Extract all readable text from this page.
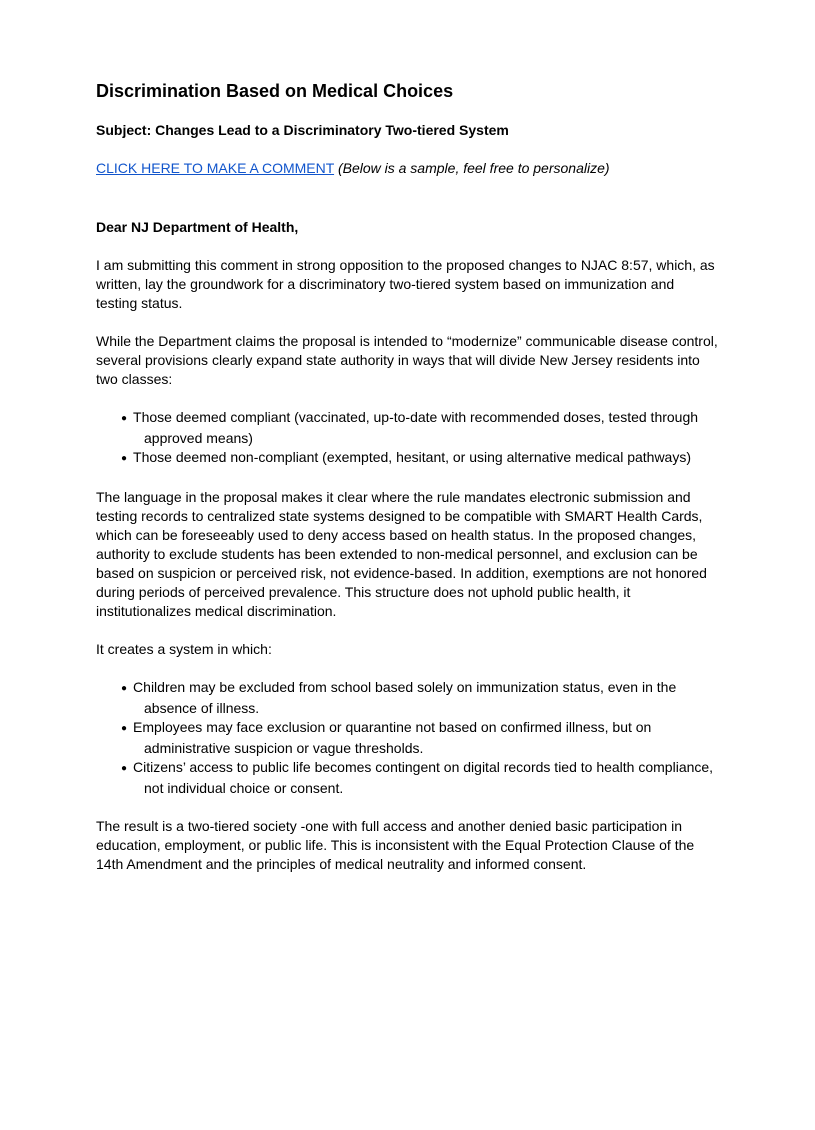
Discrimination Based on Medical Choices

Subject: Changes Lead to a Discriminatory Two-tiered System

CLICK HERE TO MAKE A COMMENT (Below is a sample, feel free to personalize)

Dear NJ Department of Health,

I am submitting this comment in strong opposition to the proposed changes to NJAC 8:57, which, as written, lay the groundwork for a discriminatory two-tiered system based on immunization and testing status.

While the Department claims the proposal is intended to “modernize” communicable disease control, several provisions clearly expand state authority in ways that will divide New Jersey residents into two classes:

● Those deemed compliant (vaccinated, up-to-date with recommended doses, tested through approved means)
● Those deemed non-compliant (exempted, hesitant, or using alternative medical pathways)

The language in the proposal makes it clear where the rule mandates electronic submission and testing records to centralized state systems designed to be compatible with SMART Health Cards, which can be foreseeably used to deny access based on health status. In the proposed changes, authority to exclude students has been extended to non-medical personnel, and exclusion can be based on suspicion or perceived risk, not evidence-based. In addition, exemptions are not honored during periods of perceived prevalence. This structure does not uphold public health, it institutionalizes medical discrimination.

It creates a system in which:

● Children may be excluded from school based solely on immunization status, even in the absence of illness.
● Employees may face exclusion or quarantine not based on confirmed illness, but on administrative suspicion or vague thresholds.
● Citizens’ access to public life becomes contingent on digital records tied to health compliance, not individual choice or consent.

The result is a two-tiered society -one with full access and another denied basic participation in education, employment, or public life. This is inconsistent with the Equal Protection Clause of the 14th Amendment and the principles of medical neutrality and informed consent.
